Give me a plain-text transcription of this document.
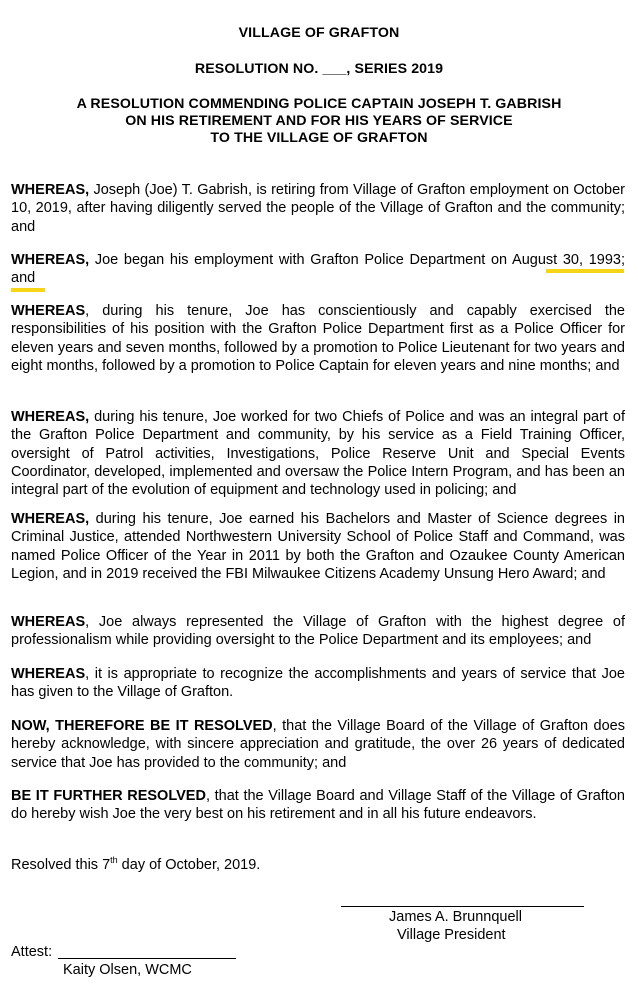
VILLAGE OF GRAFTON
RESOLUTION NO. ___, SERIES 2019
A RESOLUTION COMMENDING POLICE CAPTAIN JOSEPH T. GABRISH
ON HIS RETIREMENT AND FOR HIS YEARS OF SERVICE
TO THE VILLAGE OF GRAFTON
WHEREAS, Joseph (Joe) T. Gabrish, is retiring from Village of Grafton employment on October 10, 2019, after having diligently served the people of the Village of Grafton and the community; and
WHEREAS, Joe began his employment with Grafton Police Department on August 30, 1993; and
WHEREAS, during his tenure, Joe has conscientiously and capably exercised the responsibilities of his position with the Grafton Police Department first as a Police Officer for eleven years and seven months, followed by a promotion to Police Lieutenant for two years and eight months, followed by a promotion to Police Captain for eleven years and nine months; and
WHEREAS, during his tenure, Joe worked for two Chiefs of Police and was an integral part of the Grafton Police Department and community, by his service as a Field Training Officer, oversight of Patrol activities, Investigations, Police Reserve Unit and Special Events Coordinator, developed, implemented and oversaw the Police Intern Program, and has been an integral part of the evolution of equipment and technology used in policing; and
WHEREAS, during his tenure, Joe earned his Bachelors and Master of Science degrees in Criminal Justice, attended Northwestern University School of Police Staff and Command, was named Police Officer of the Year in 2011 by both the Grafton and Ozaukee County American Legion, and in 2019 received the FBI Milwaukee Citizens Academy Unsung Hero Award; and
WHEREAS, Joe always represented the Village of Grafton with the highest degree of professionalism while providing oversight to the Police Department and its employees; and
WHEREAS, it is appropriate to recognize the accomplishments and years of service that Joe has given to the Village of Grafton.
NOW, THEREFORE BE IT RESOLVED, that the Village Board of the Village of Grafton does hereby acknowledge, with sincere appreciation and gratitude, the over 26 years of dedicated service that Joe has provided to the community; and
BE IT FURTHER RESOLVED, that the Village Board and Village Staff of the Village of Grafton do hereby wish Joe the very best on his retirement and in all his future endeavors.
Resolved this 7th day of October, 2019.
James A. Brunnquell
Village President
Attest:
Kaity Olsen, WCMC
